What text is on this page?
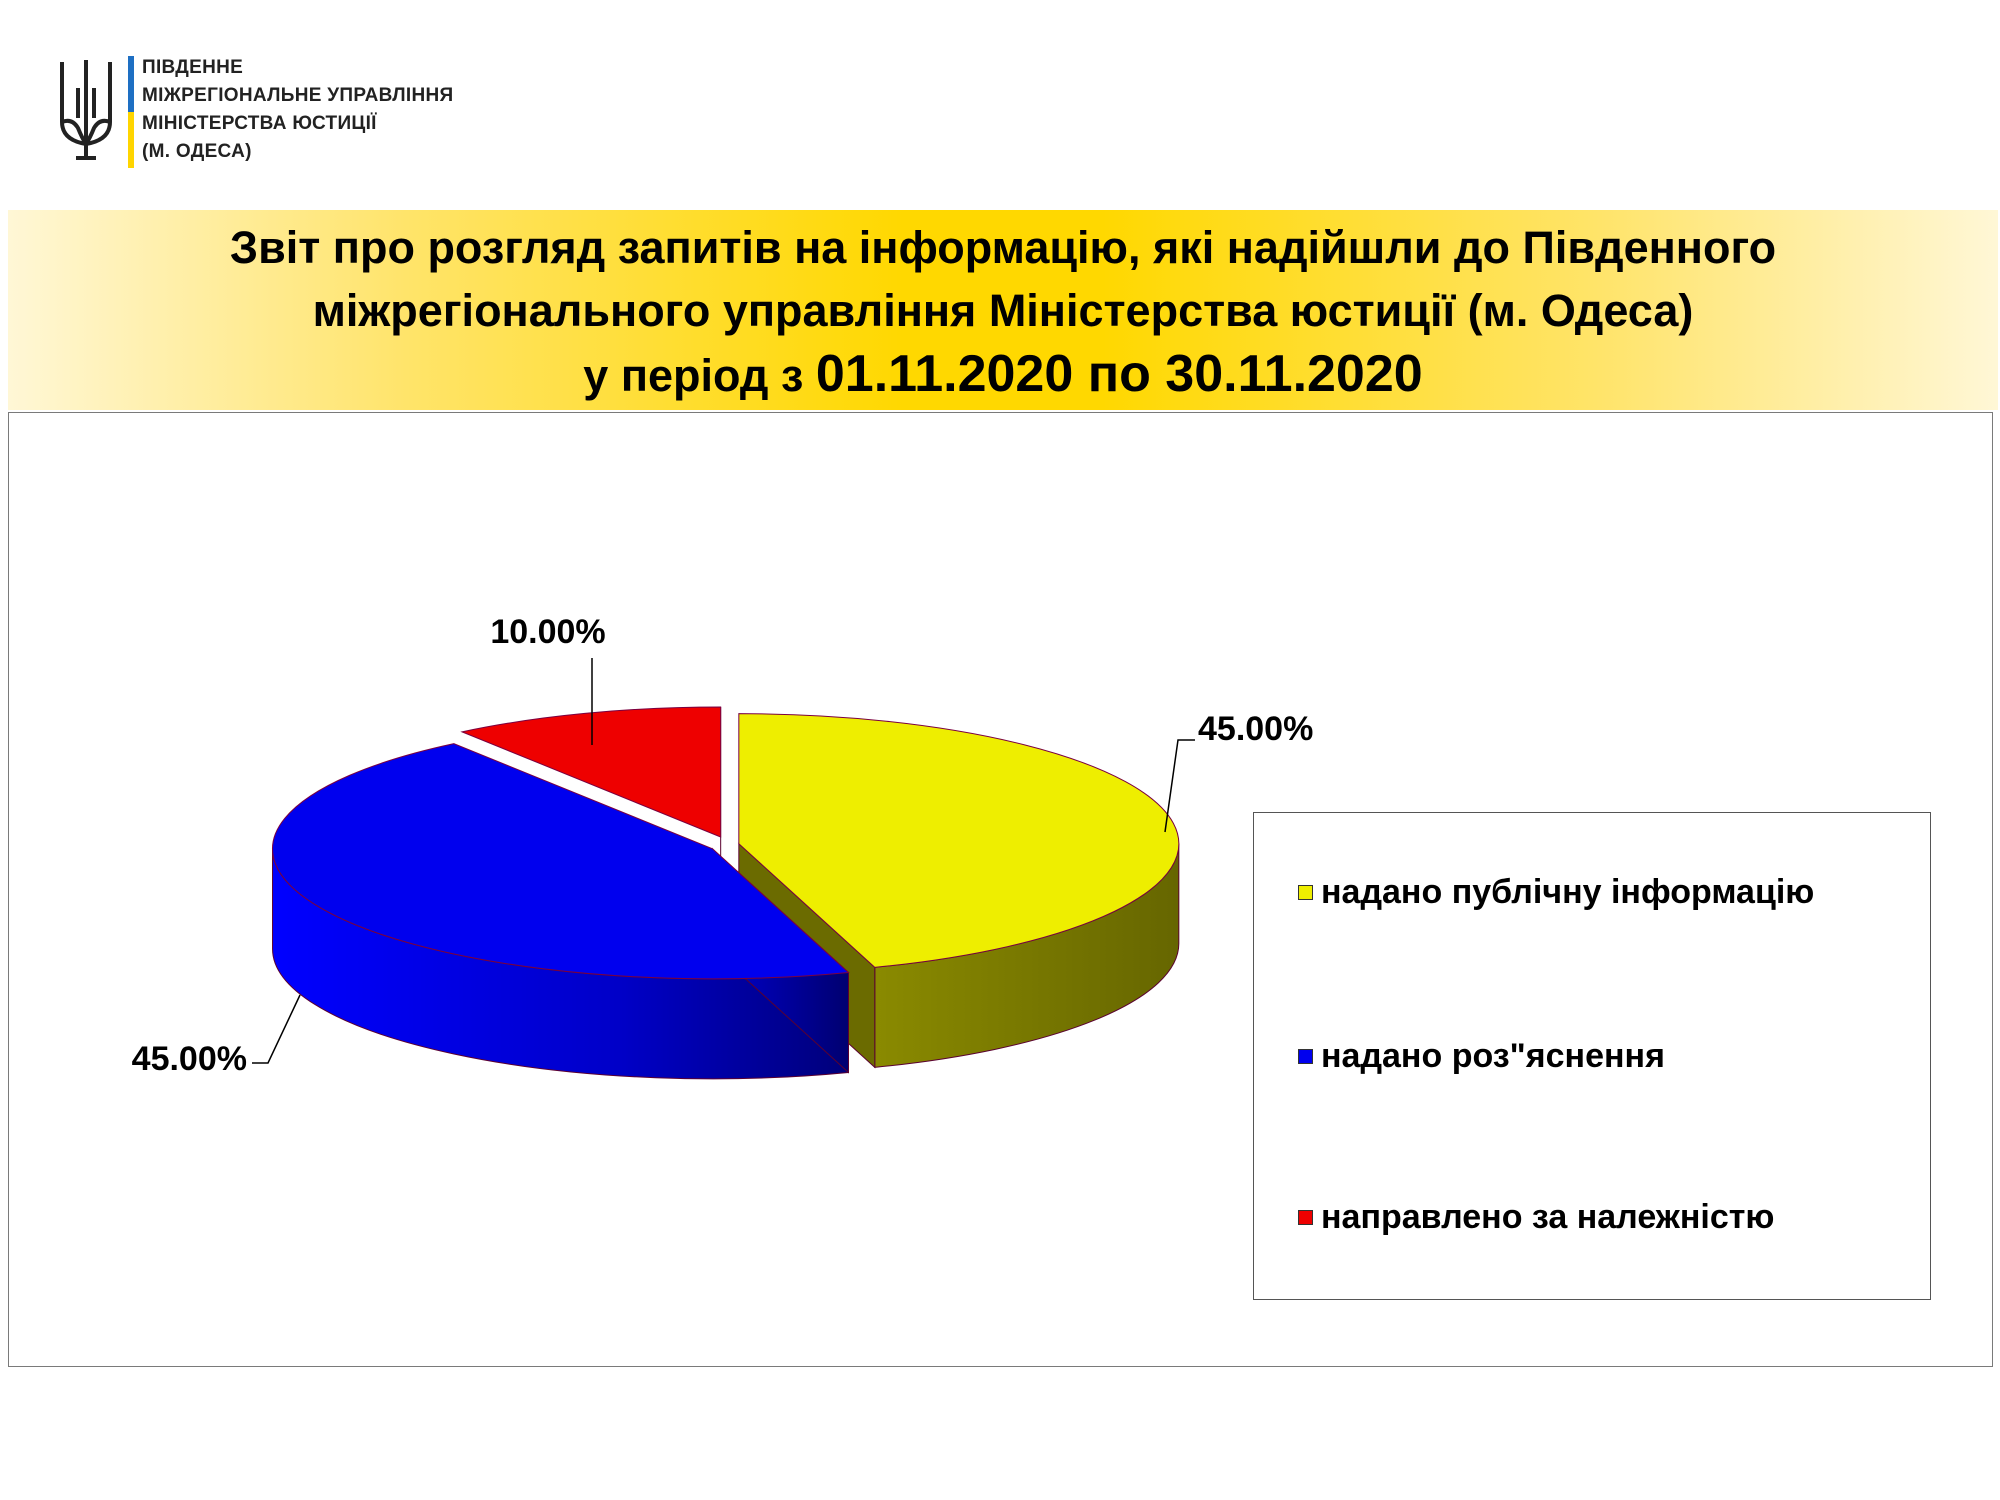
ПІВДЕННЕ
МІЖРЕГІОНАЛЬНЕ УПРАВЛІННЯ
МІНІСТЕРСТВА ЮСТИЦІЇ
(М. ОДЕСА)
Звіт про розгляд запитів на інформацію, які надійшли до Південного
міжрегіонального управління Міністерства юстиції (м. Одеса)
у період з 01.11.2020 по 30.11.2020
45.00%
45.00%
10.00%
надано публічну інформацію
надано роз"яснення
направлено за належністю
